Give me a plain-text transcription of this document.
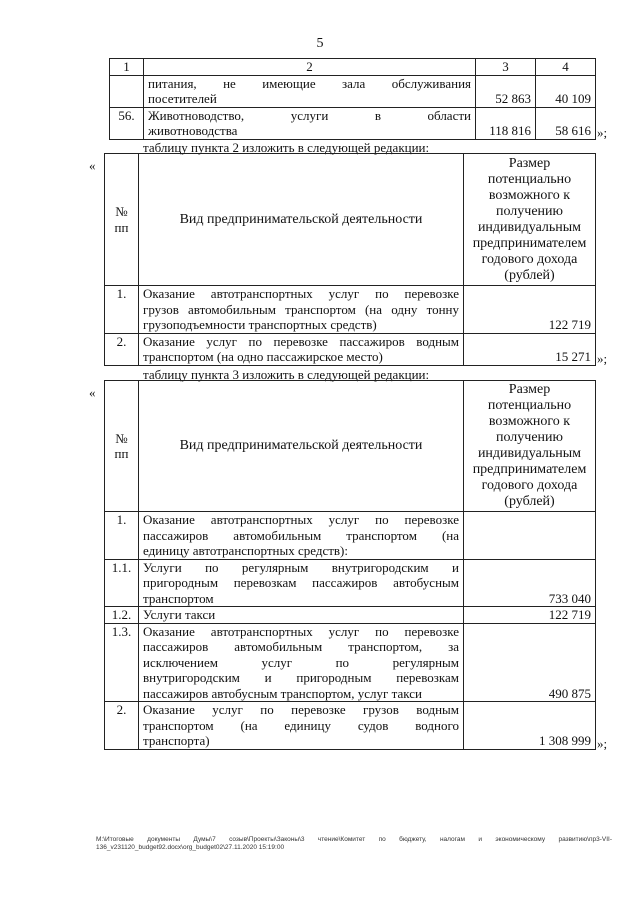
5
1	2	3	4

	питания, не имеющие зала обслуживания
посетителей	52 863	40 109
56.	Животноводство, услуги в области
животноводства	118 816	58 616 »;
таблицу пункта 2 изложить в следующей редакции:
«
№ пп	Вид предпринимательской деятельности	Размер потенциально возможного к получению индивидуальным предпринимателем годового дохода (рублей)
1.	Оказание автотранспортных услуг по перевозке
грузов автомобильным транспортом (на одну тонну
грузоподъемности транспортных средств)	122 719
2.	Оказание услуг по перевозке пассажиров водным
транспортом (на одно пассажирское место)	15 271 »;
таблицу пункта 3 изложить в следующей редакции:
«
№ пп	Вид предпринимательской деятельности	Размер потенциально возможного к получению индивидуальным предпринимателем годового дохода (рублей)
1.	Оказание автотранспортных услуг по перевозке
пассажиров автомобильным транспортом (на
единицу автотранспортных средств):	

1.1.	Услуги по регулярным внутригородским и
пригородным перевозкам пассажиров автобусным
транспортом	733 040
1.2.	Услуги такси	122 719
1.3.	Оказание автотранспортных услуг по перевозке
пассажиров автомобильным транспортом, за
исключением услуг по регулярным
внутригородским и пригородным перевозкам
пассажиров автобусным транспортом, услуг такси	490 875
2.	Оказание услуг по перевозке грузов водным
транспортом (на единицу судов водного
транспорта)	1 308 999 »;
M:\Итоговые документы Думы\7 созыв\Проекты\Законы\3 чтение\Комитет по бюджету, налогам и экономическому развитию\пр3-VII-
136_v231120_budget92.docx\org_budget02\27.11.2020 15:19:00
